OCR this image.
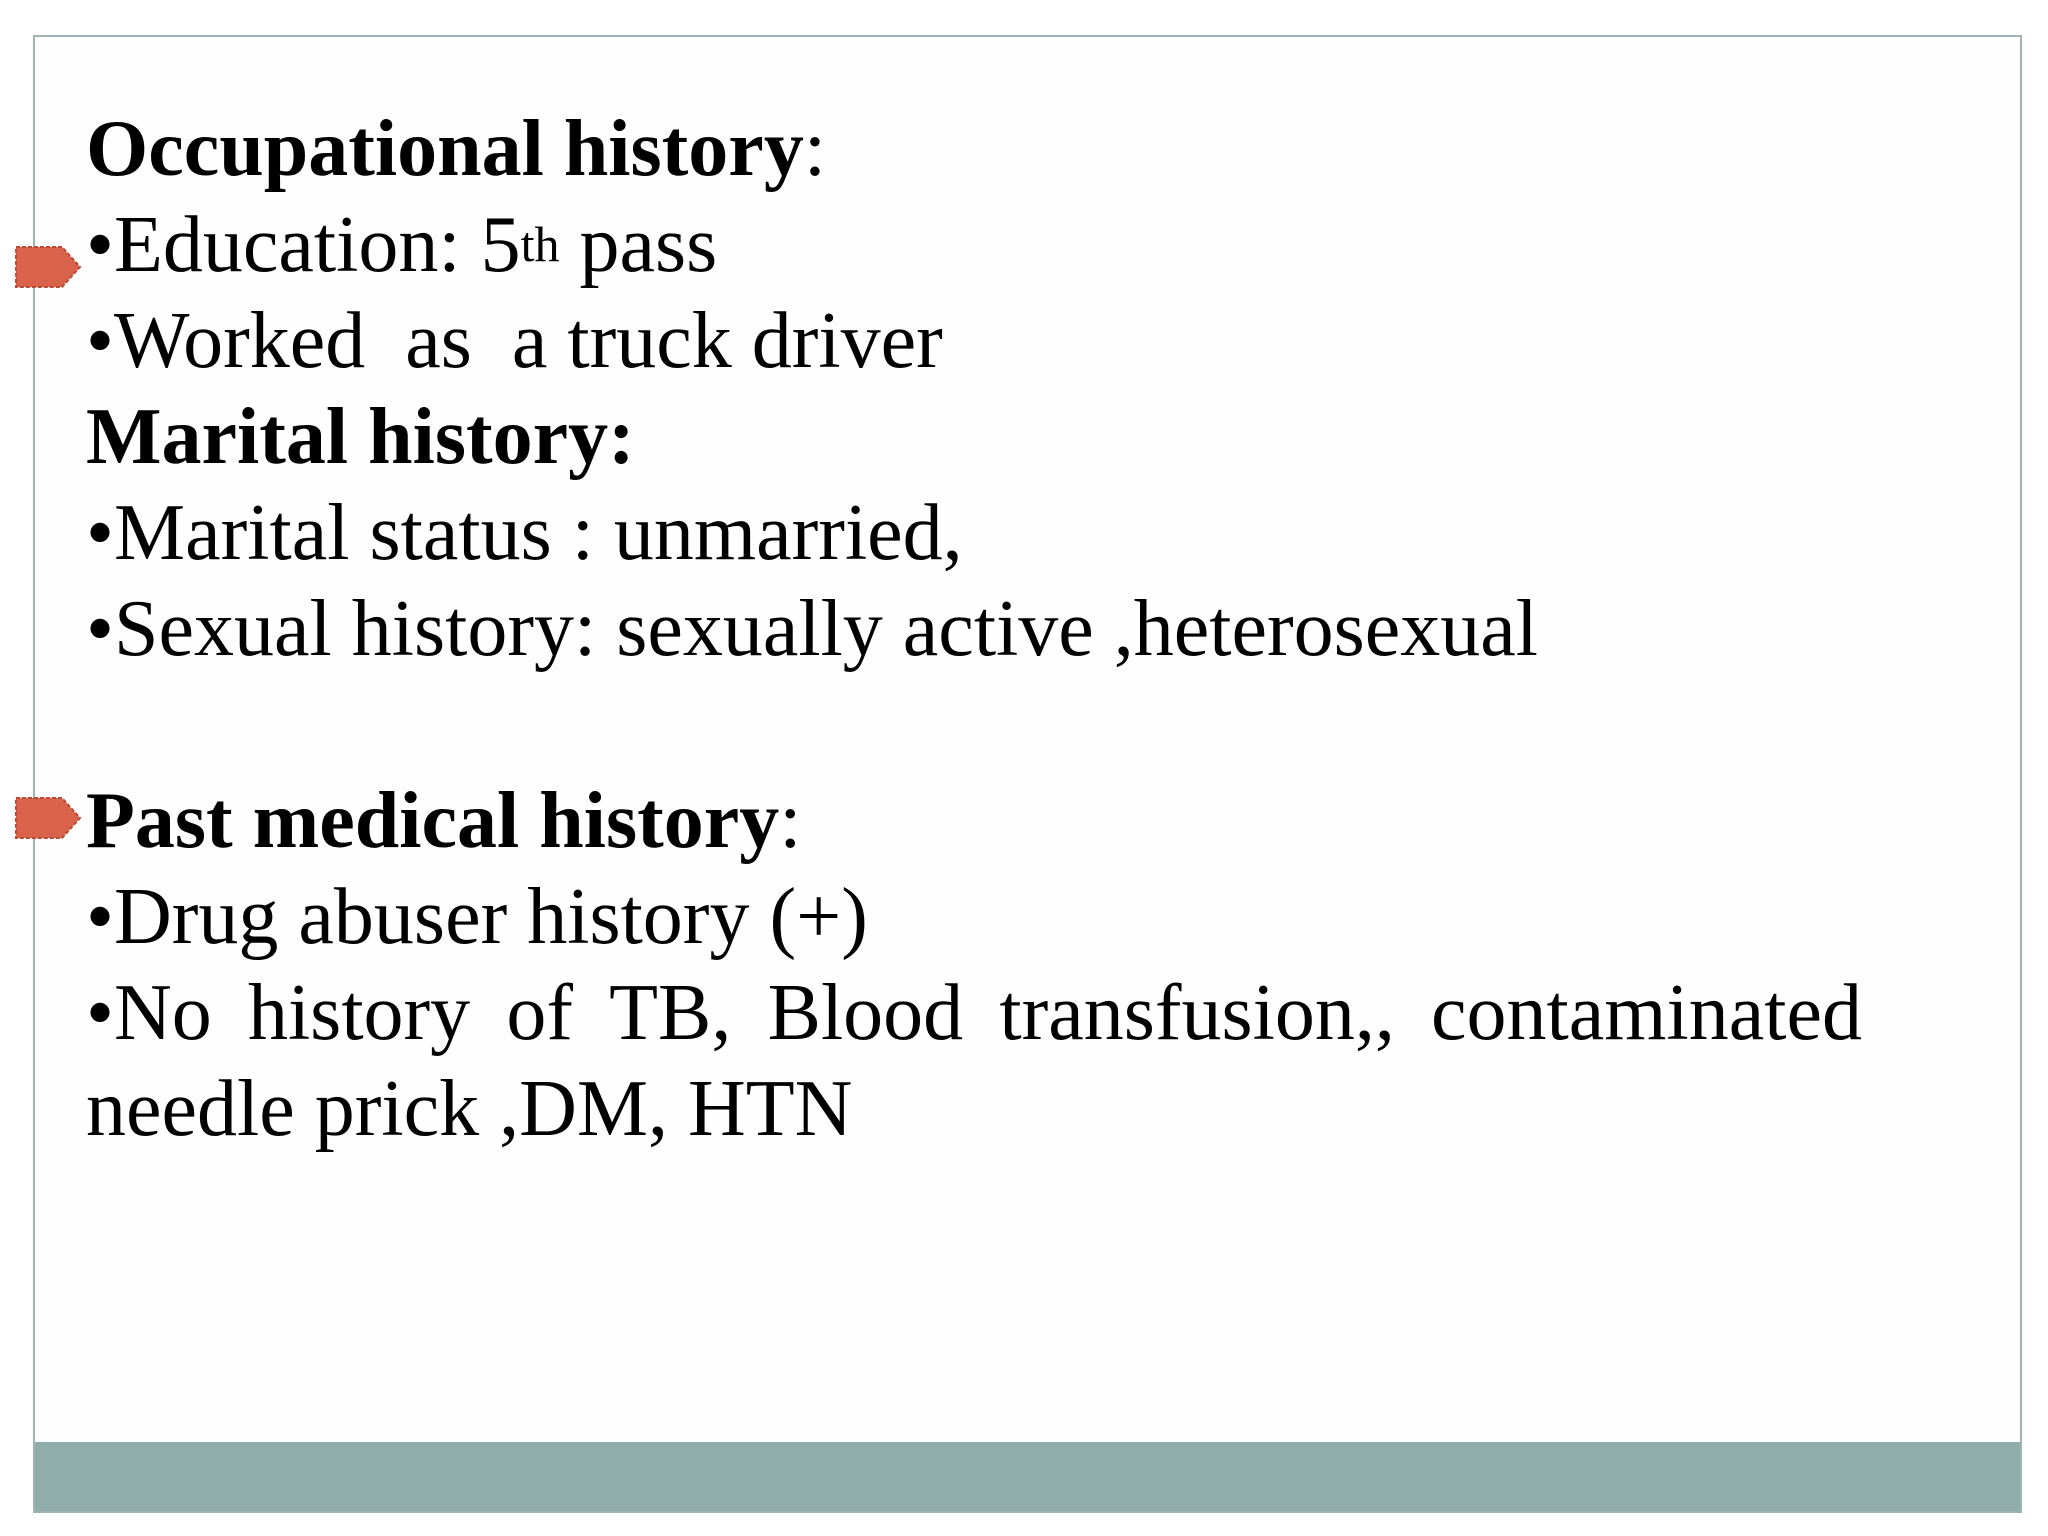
Occupational history:
•Education: 5th pass
•Worked  as  a truck driver
Marital history:
•Marital status : unmarried,
•Sexual history: sexually active ,heterosexual
Past medical history:
•Drug abuser history (+)
•No history of TB, Blood transfusion,, contaminated
needle prick ,DM, HTN
